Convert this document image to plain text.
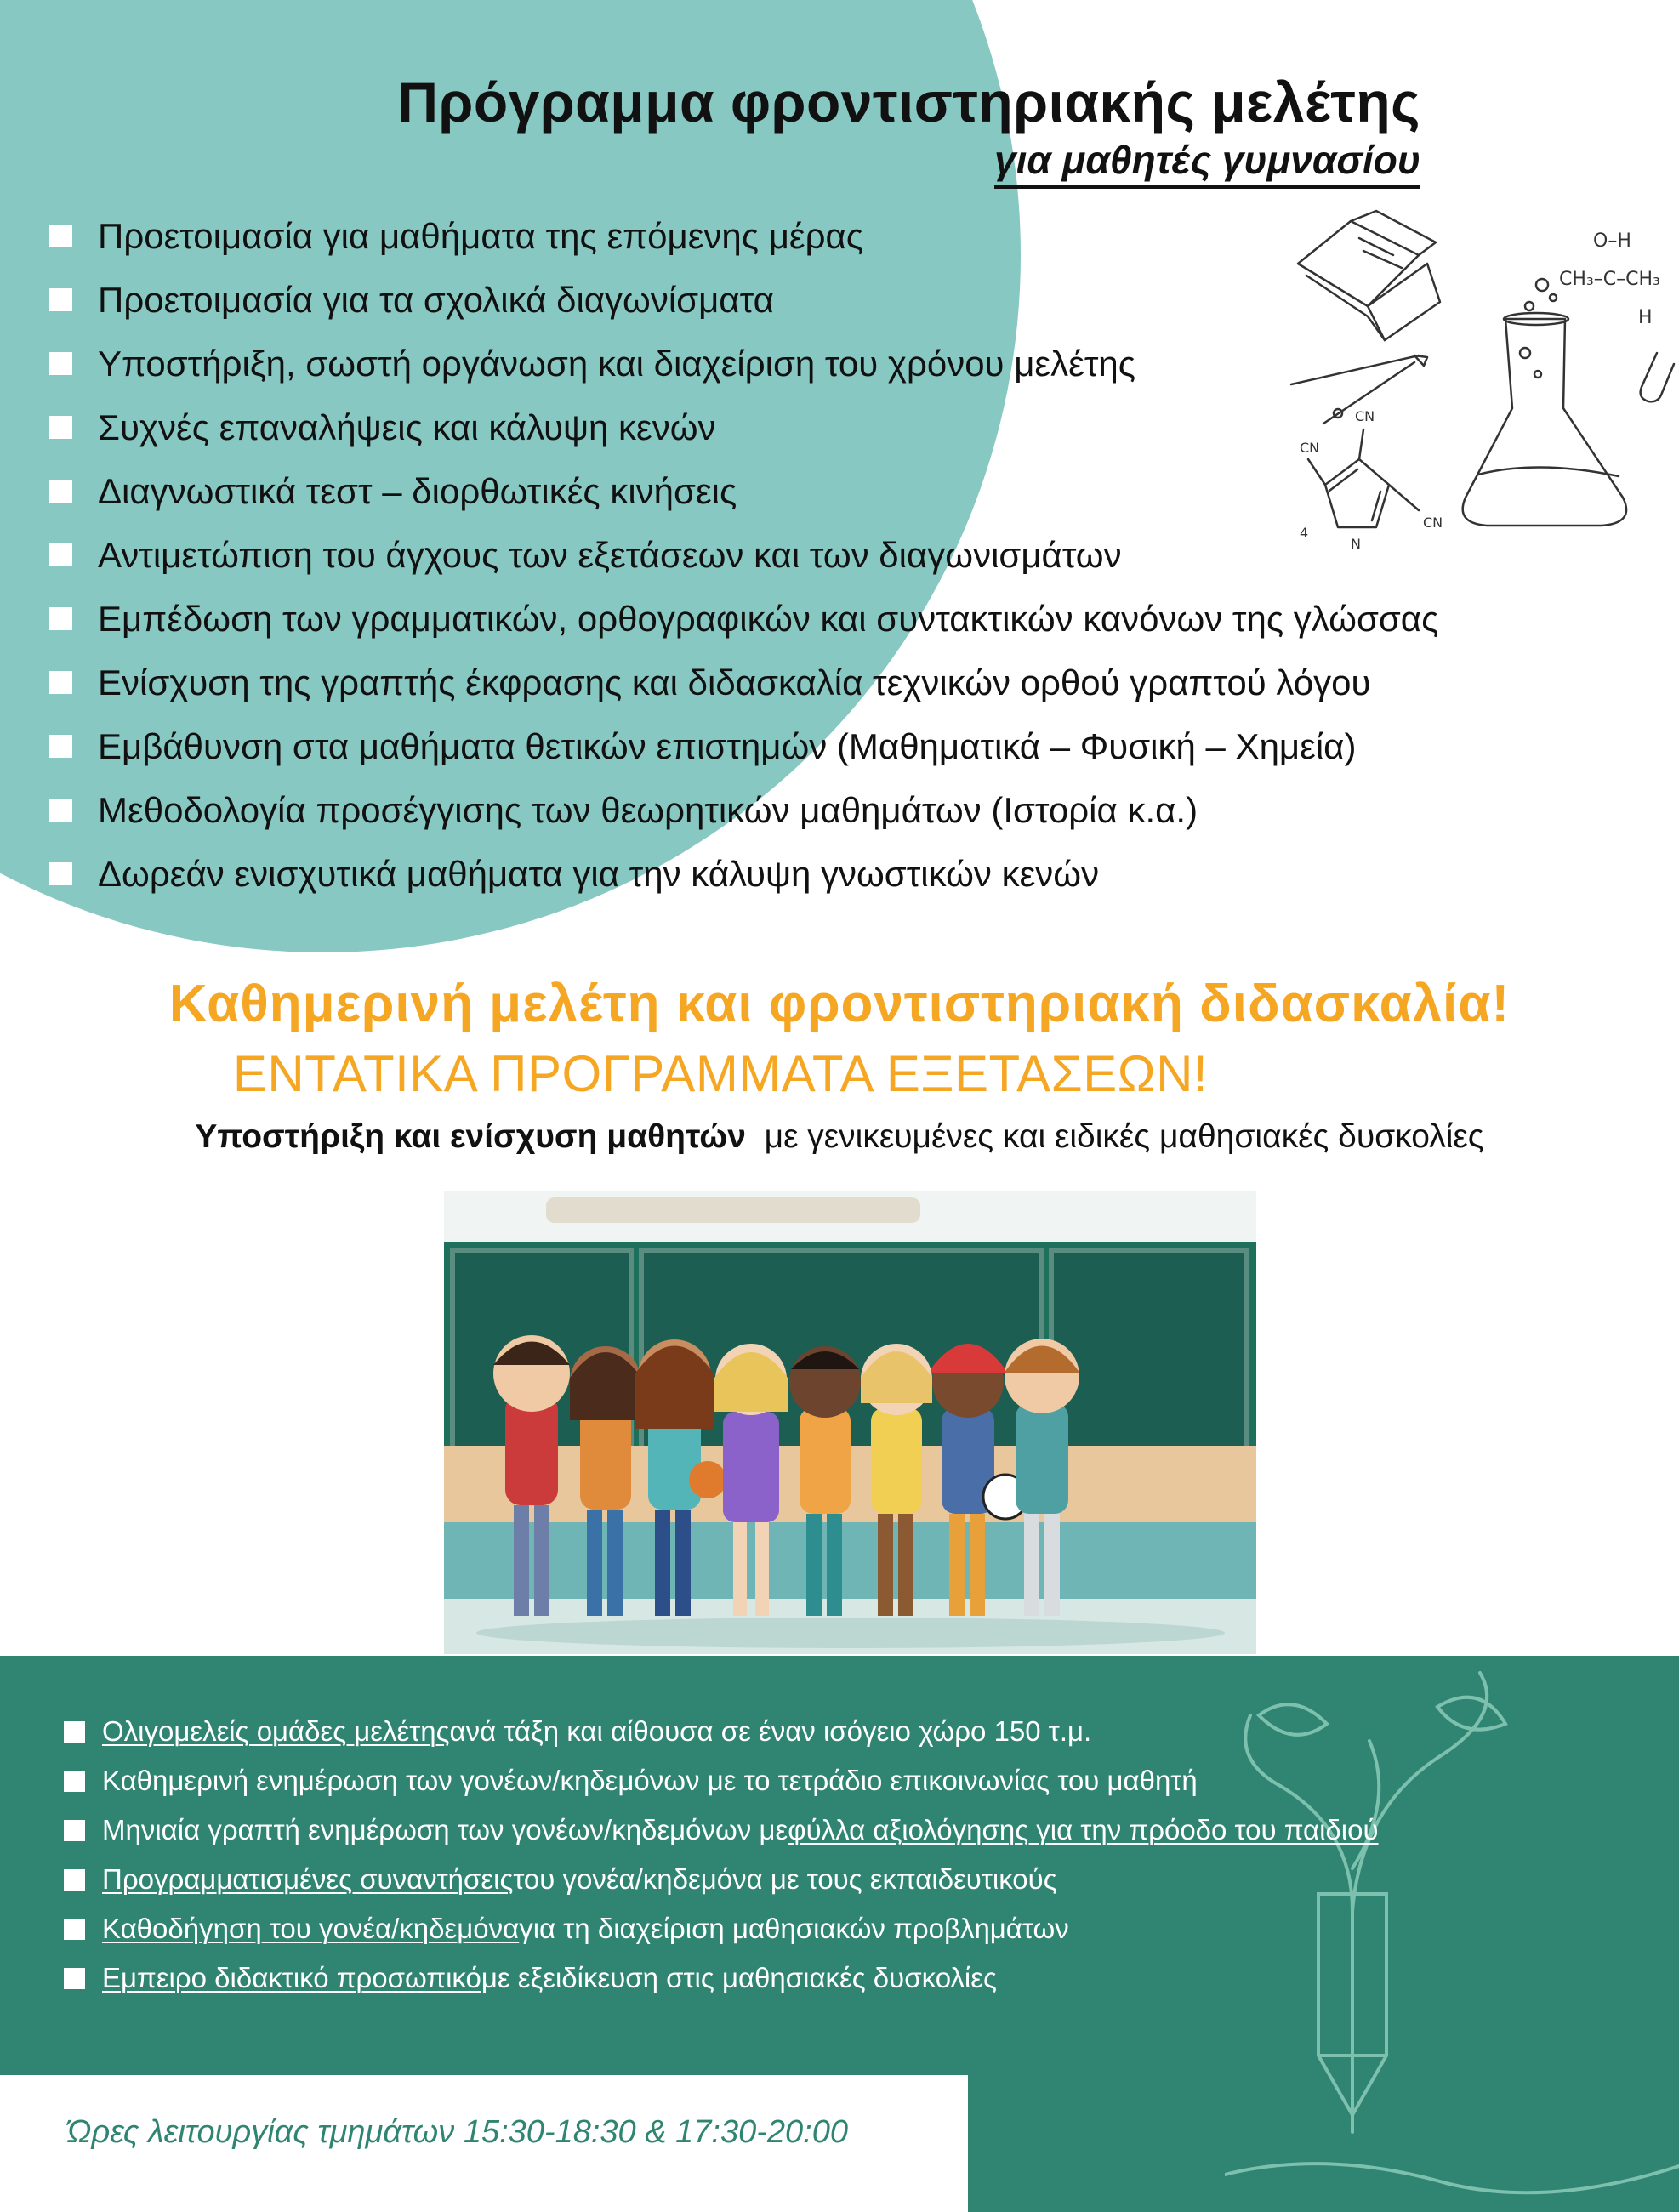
Πρόγραμμα φροντιστηριακής μελέτης
για μαθητές γυμνασίου
Προετοιμασία για μαθήματα της επόμενης μέρας
Προετοιμασία για τα σχολικά διαγωνίσματα
Υποστήριξη, σωστή οργάνωση και διαχείριση του χρόνου μελέτης
Συχνές επαναλήψεις και κάλυψη κενών
Διαγνωστικά τεστ – διορθωτικές κινήσεις
Αντιμετώπιση του άγχους των εξετάσεων και των διαγωνισμάτων
Εμπέδωση των γραμματικών, ορθογραφικών και συντακτικών κανόνων της γλώσσας
Ενίσχυση της γραπτής έκφρασης και διδασκαλία τεχνικών ορθού γραπτού λόγου
Εμβάθυνση στα μαθήματα θετικών επιστημών (Μαθηματικά – Φυσική – Χημεία)
Μεθοδολογία προσέγγισης των θεωρητικών μαθημάτων (Ιστορία κ.α.)
Δωρεάν ενισχυτικά μαθήματα για την κάλυψη γνωστικών κενών
O–H
CH₃–C–CH₃
H
CN
CN
CN
N
4
Καθημερινή μελέτη και φροντιστηριακή διδασκαλία!
ΕΝΤΑΤΙΚΑ ΠΡΟΓΡΑΜΜΑΤΑ ΕΞΕΤΑΣΕΩΝ!
Υποστήριξη και ενίσχυση μαθητών με γενικευμένες και ειδικές μαθησιακές δυσκολίες
Ολιγομελείς ομάδες μελέτης ανά τάξη και αίθουσα σε έναν ισόγειο χώρο 150 τ.μ.
Καθημερινή ενημέρωση των γονέων/κηδεμόνων με το τετράδιο επικοινωνίας του μαθητή
Μηνιαία γραπτή ενημέρωση των γονέων/κηδεμόνων με φύλλα αξιολόγησης για την πρόοδο του παιδιού
Προγραμματισμένες συναντήσεις του γονέα/κηδεμόνα με τους εκπαιδευτικούς
Καθοδήγηση του γονέα/κηδεμόνα για τη διαχείριση μαθησιακών προβλημάτων
Εμπειρο διδακτικό προσωπικό με εξειδίκευση στις μαθησιακές δυσκολίες
Ώρες λειτουργίας τμημάτων 15:30-18:30 & 17:30-20:00
